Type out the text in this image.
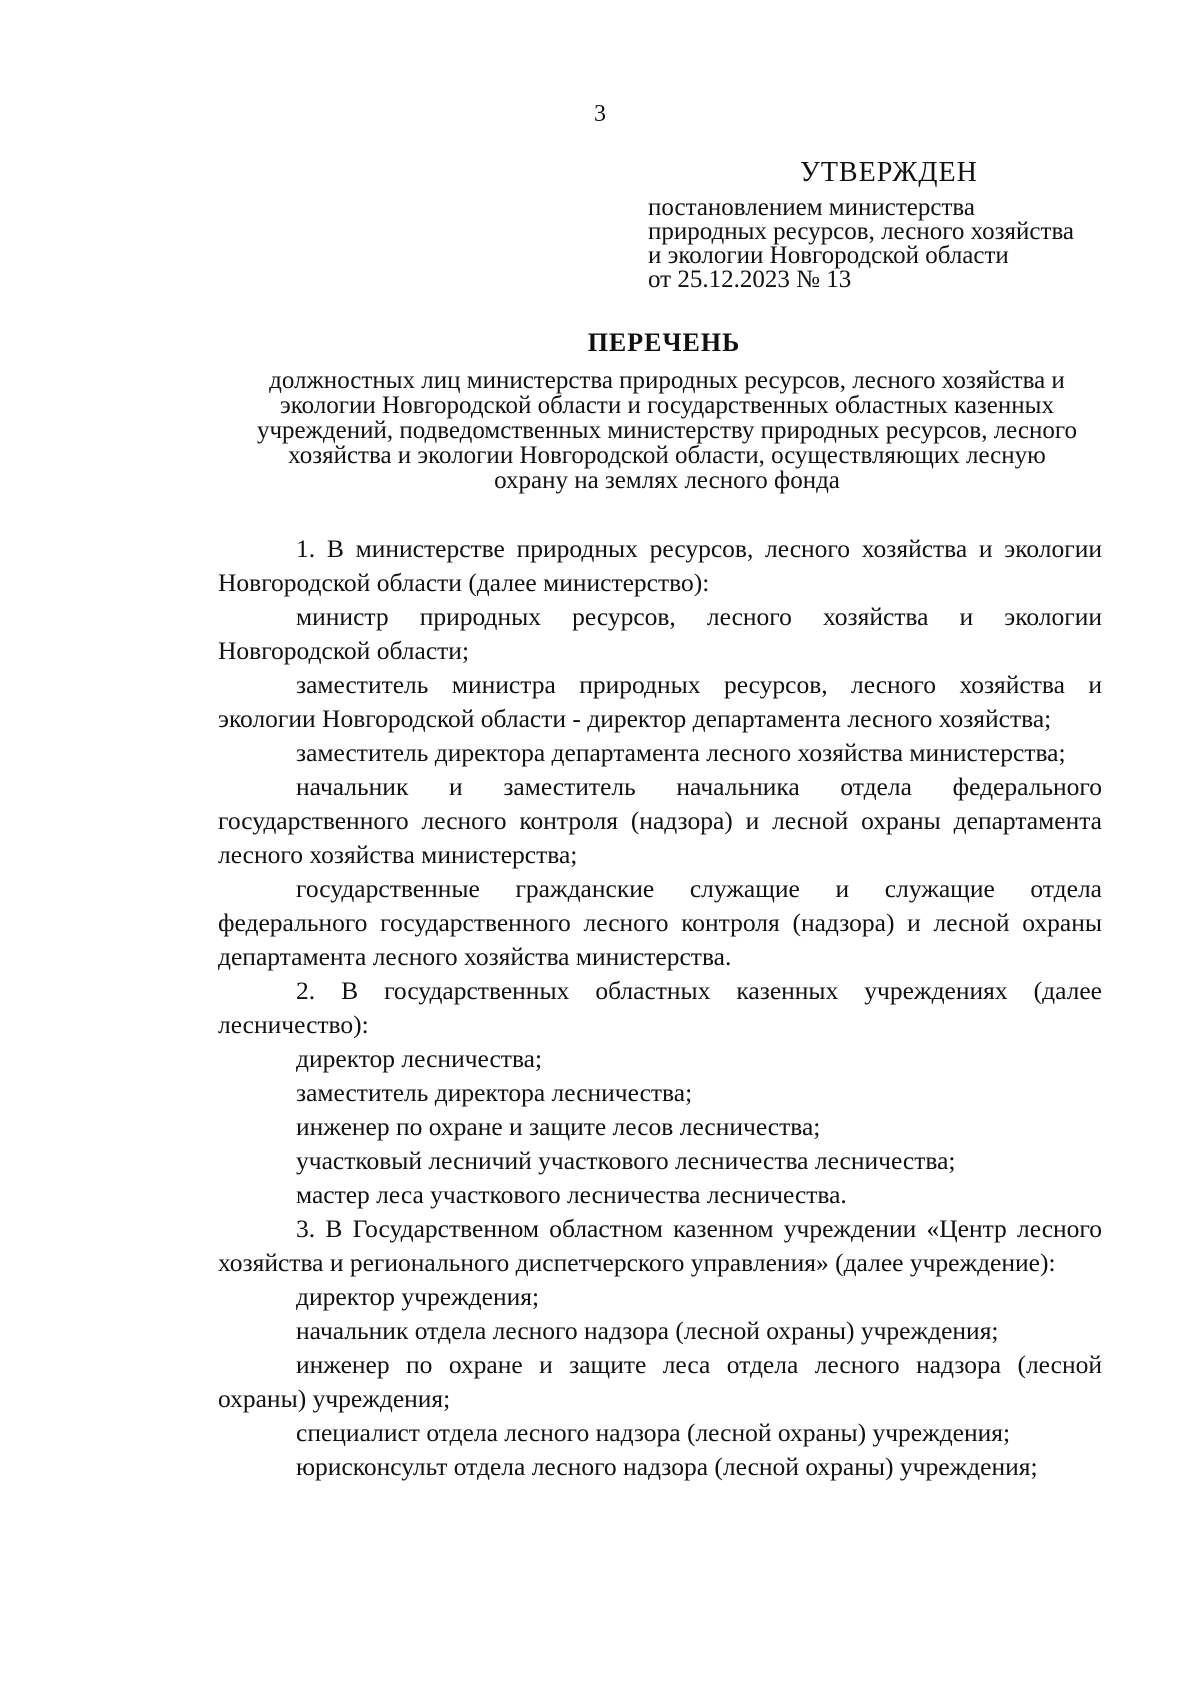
3
УТВЕРЖДЕН
постановлением министерства
природных ресурсов, лесного хозяйства
и экологии Новгородской области
от 25.12.2023 № 13
ПЕРЕЧЕНЬ
должностных лиц министерства природных ресурсов, лесного хозяйства и
экологии Новгородской области и государственных областных казенных
учреждений, подведомственных министерству природных ресурсов, лесного
хозяйства и экологии Новгородской области, осуществляющих лесную
охрану на землях лесного фонда

1. В министерстве природных ресурсов, лесного хозяйства и экологии Новгородской области (далее министерство):

министр природных ресурсов, лесного хозяйства и экологии Новгородской области;

заместитель министра природных ресурсов, лесного хозяйства и экологии Новгородской области - директор департамента лесного хозяйства;

заместитель директора департамента лесного хозяйства министерства;

начальник и заместитель начальника отдела федерального государственного лесного контроля (надзора) и лесной охраны департамента лесного хозяйства министерства;

государственные гражданские служащие и служащие отдела федерального государственного лесного контроля (надзора) и лесной охраны департамента лесного хозяйства министерства.

2. В государственных областных казенных учреждениях (далее лесничество):

директор лесничества;

заместитель директора лесничества;

инженер по охране и защите лесов лесничества;

участковый лесничий участкового лесничества лесничества;

мастер леса участкового лесничества лесничества.

3. В Государственном областном казенном учреждении «Центр лесного хозяйства и регионального диспетчерского управления» (далее учреждение):

директор учреждения;

начальник отдела лесного надзора (лесной охраны) учреждения;

инженер по охране и защите леса отдела лесного надзора (лесной охраны) учреждения;

специалист отдела лесного надзора (лесной охраны) учреждения;

юрисконсульт отдела лесного надзора (лесной охраны) учреждения;
